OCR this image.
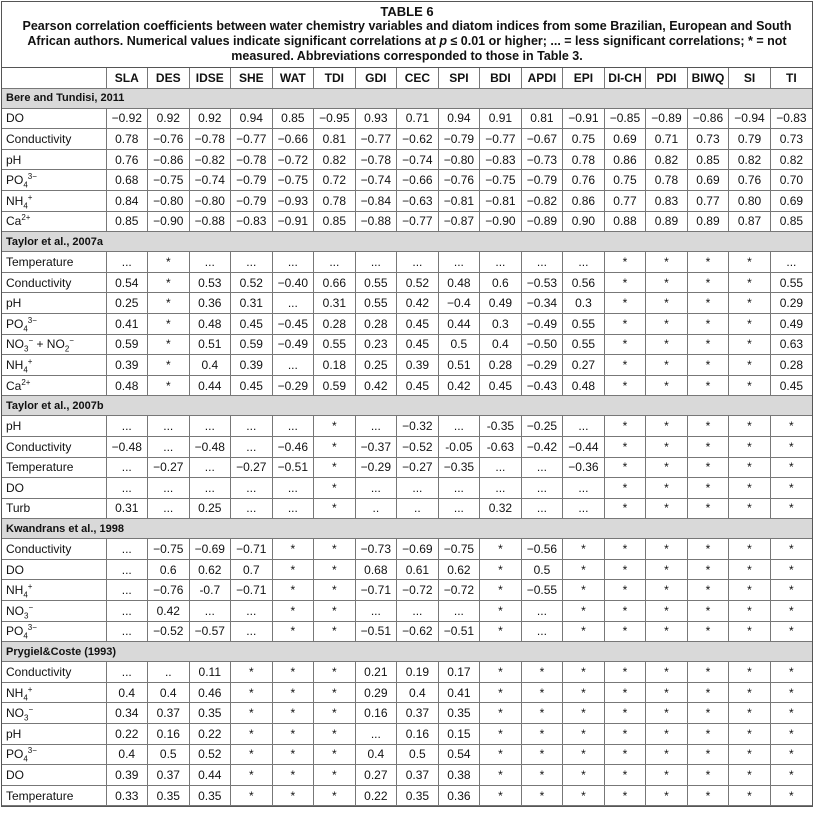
TABLE 6
Pearson correlation coefficients between water chemistry variables and diatom indices from some Brazilian, European and South African authors. Numerical values indicate significant correlations at p ≤ 0.01 or higher; ... = less significant correlations; * = not measured. Abbreviations corresponded to those in Table 3.
	SLA	DES	IDSE	SHE	WAT	TDI	GDI	CEC	SPI	BDI	APDI	EPI	DI-CH	PDI	BIWQ	SI	TI
Bere and Tundisi, 2011																	
DO	−0.92	0.92	0.92	0.94	0.85	−0.95	0.93	0.71	0.94	0.91	0.81	−0.91	−0.85	−0.89	−0.86	−0.94	−0.83
Conductivity	0.78	−0.76	−0.78	−0.77	−0.66	0.81	−0.77	−0.62	−0.79	−0.77	−0.67	0.75	0.69	0.71	0.73	0.79	0.73
pH	0.76	−0.86	−0.82	−0.78	−0.72	0.82	−0.78	−0.74	−0.80	−0.83	−0.73	0.78	0.86	0.82	0.85	0.82	0.82
$PO_4^{3-}$	0.68	−0.75	−0.74	−0.79	−0.75	0.72	−0.74	−0.66	−0.76	−0.75	−0.79	0.76	0.75	0.78	0.69	0.76	0.70
$NH_4^+$	0.84	−0.80	−0.80	−0.79	−0.93	0.78	−0.84	−0.63	−0.81	−0.81	−0.82	0.86	0.77	0.83	0.77	0.80	0.69
$Ca^{2+}$	0.85	−0.90	−0.88	−0.83	−0.91	0.85	−0.88	−0.77	−0.87	−0.90	−0.89	0.90	0.88	0.89	0.89	0.87	0.85
Taylor et al., 2007a																	
Temperature	...	*	...	...	...	...	...	...	...	...	...	...	*	*	*	*	...
Conductivity	0.54	*	0.53	0.52	−0.40	0.66	0.55	0.52	0.48	0.6	−0.53	0.56	*	*	*	*	0.55
pH	0.25	*	0.36	0.31	...	0.31	0.55	0.42	−0.4	0.49	−0.34	0.3	*	*	*	*	0.29
$PO_4^{3-}$	0.41	*	0.48	0.45	−0.45	0.28	0.28	0.45	0.44	0.3	−0.49	0.55	*	*	*	*	0.49
$NO_3^- + NO_2^-$	0.59	*	0.51	0.59	−0.49	0.55	0.23	0.45	0.5	0.4	−0.50	0.55	*	*	*	*	0.63
$NH_4^+$	0.39	*	0.4	0.39	...	0.18	0.25	0.39	0.51	0.28	−0.29	0.27	*	*	*	*	0.28
$Ca^{2+}$	0.48	*	0.44	0.45	−0.29	0.59	0.42	0.45	0.42	0.45	−0.43	0.48	*	*	*	*	0.45
Taylor et al., 2007b																	
pH	...	...	...	...	...	*	...	−0.32	...	-0.35	−0.25	...	*	*	*	*	*
Conductivity	−0.48	...	−0.48	...	−0.46	*	−0.37	−0.52	-0.05	-0.63	−0.42	−0.44	*	*	*	*	*
Temperature	...	−0.27	...	−0.27	−0.51	*	−0.29	−0.27	−0.35	...	...	−0.36	*	*	*	*	*
DO	...	...	...	...	...	*	...	...	...	...	...	...	*	*	*	*	*
Turb	0.31	...	0.25	...	...	*	..	..	...	0.32	...	...	*	*	*	*	*
Kwandrans et al., 1998																	
Conductivity	...	−0.75	−0.69	−0.71	*	*	−0.73	−0.69	−0.75	*	−0.56	*	*	*	*	*	*
DO	...	0.6	0.62	0.7	*	*	0.68	0.61	0.62	*	0.5	*	*	*	*	*	*
$NH_4^+$	...	−0.76	-0.7	−0.71	*	*	−0.71	−0.72	−0.72	*	−0.55	*	*	*	*	*	*
$NO_3^-$	...	0.42	...	...	*	*	...	...	...	*	...	*	*	*	*	*	*
$PO_4^{3-}$	...	−0.52	−0.57	...	*	*	−0.51	−0.62	−0.51	*	...	*	*	*	*	*	*
Prygiel&Coste (1993)																	
Conductivity	...	..	0.11	*	*	*	0.21	0.19	0.17	*	*	*	*	*	*	*	*
$NH_4^+$	0.4	0.4	0.46	*	*	*	0.29	0.4	0.41	*	*	*	*	*	*	*	*
$NO_3^-$	0.34	0.37	0.35	*	*	*	0.16	0.37	0.35	*	*	*	*	*	*	*	*
pH	0.22	0.16	0.22	*	*	*	...	0.16	0.15	*	*	*	*	*	*	*	*
$PO_4^{3-}$	0.4	0.5	0.52	*	*	*	0.4	0.5	0.54	*	*	*	*	*	*	*	*
DO	0.39	0.37	0.44	*	*	*	0.27	0.37	0.38	*	*	*	*	*	*	*	*
Temperature	0.33	0.35	0.35	*	*	*	0.22	0.35	0.36	*	*	*	*	*	*	*	*
